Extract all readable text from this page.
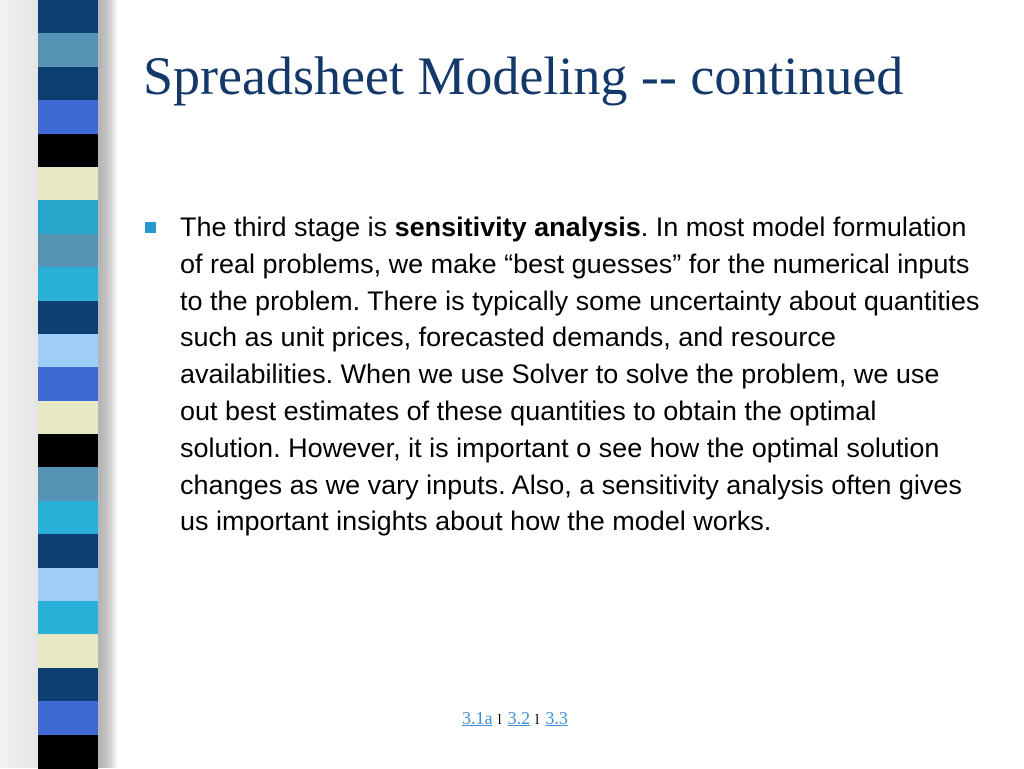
Spreadsheet Modeling -- continued

The third stage is sensitivity analysis. In most model formulation of real problems, we make “best guesses” for the numerical inputs to the problem. There is typically some uncertainty about quantities such as unit prices, forecasted demands, and resource availabilities. When we use Solver to solve the problem, we use out best estimates of these quantities to obtain the optimal solution. However, it is important o see how the optimal solution changes as we vary inputs. Also, a sensitivity analysis often gives us important insights about how the model works.

3.1a l 3.2 l 3.3
